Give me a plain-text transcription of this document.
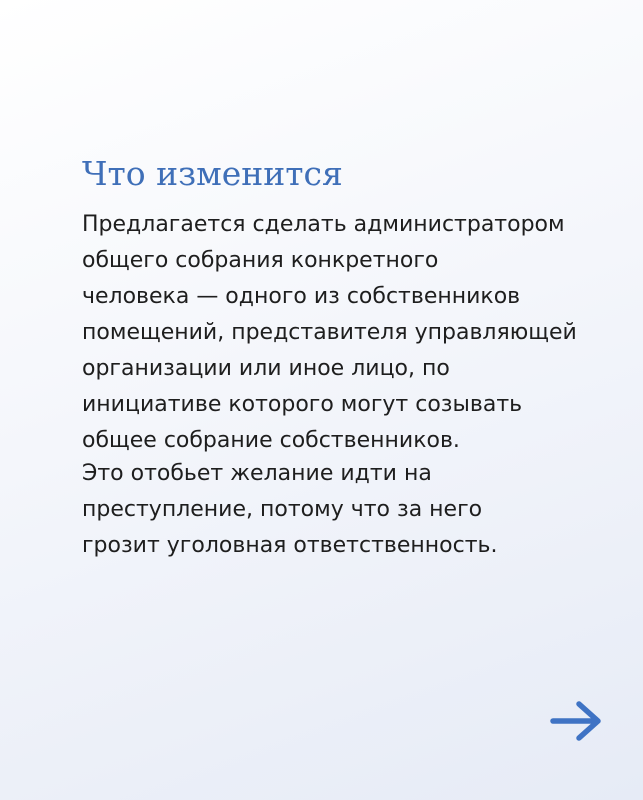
Что изменится

Предлагается сделать администратором
общего собрания конкретного
человека — одного из собственников
помещений, представителя управляющей
организации или иное лицо, по
инициативе которого могут созывать
общее собрание собственников.

Это отобьет желание идти на
преступление, потому что за него
грозит уголовная ответственность.
